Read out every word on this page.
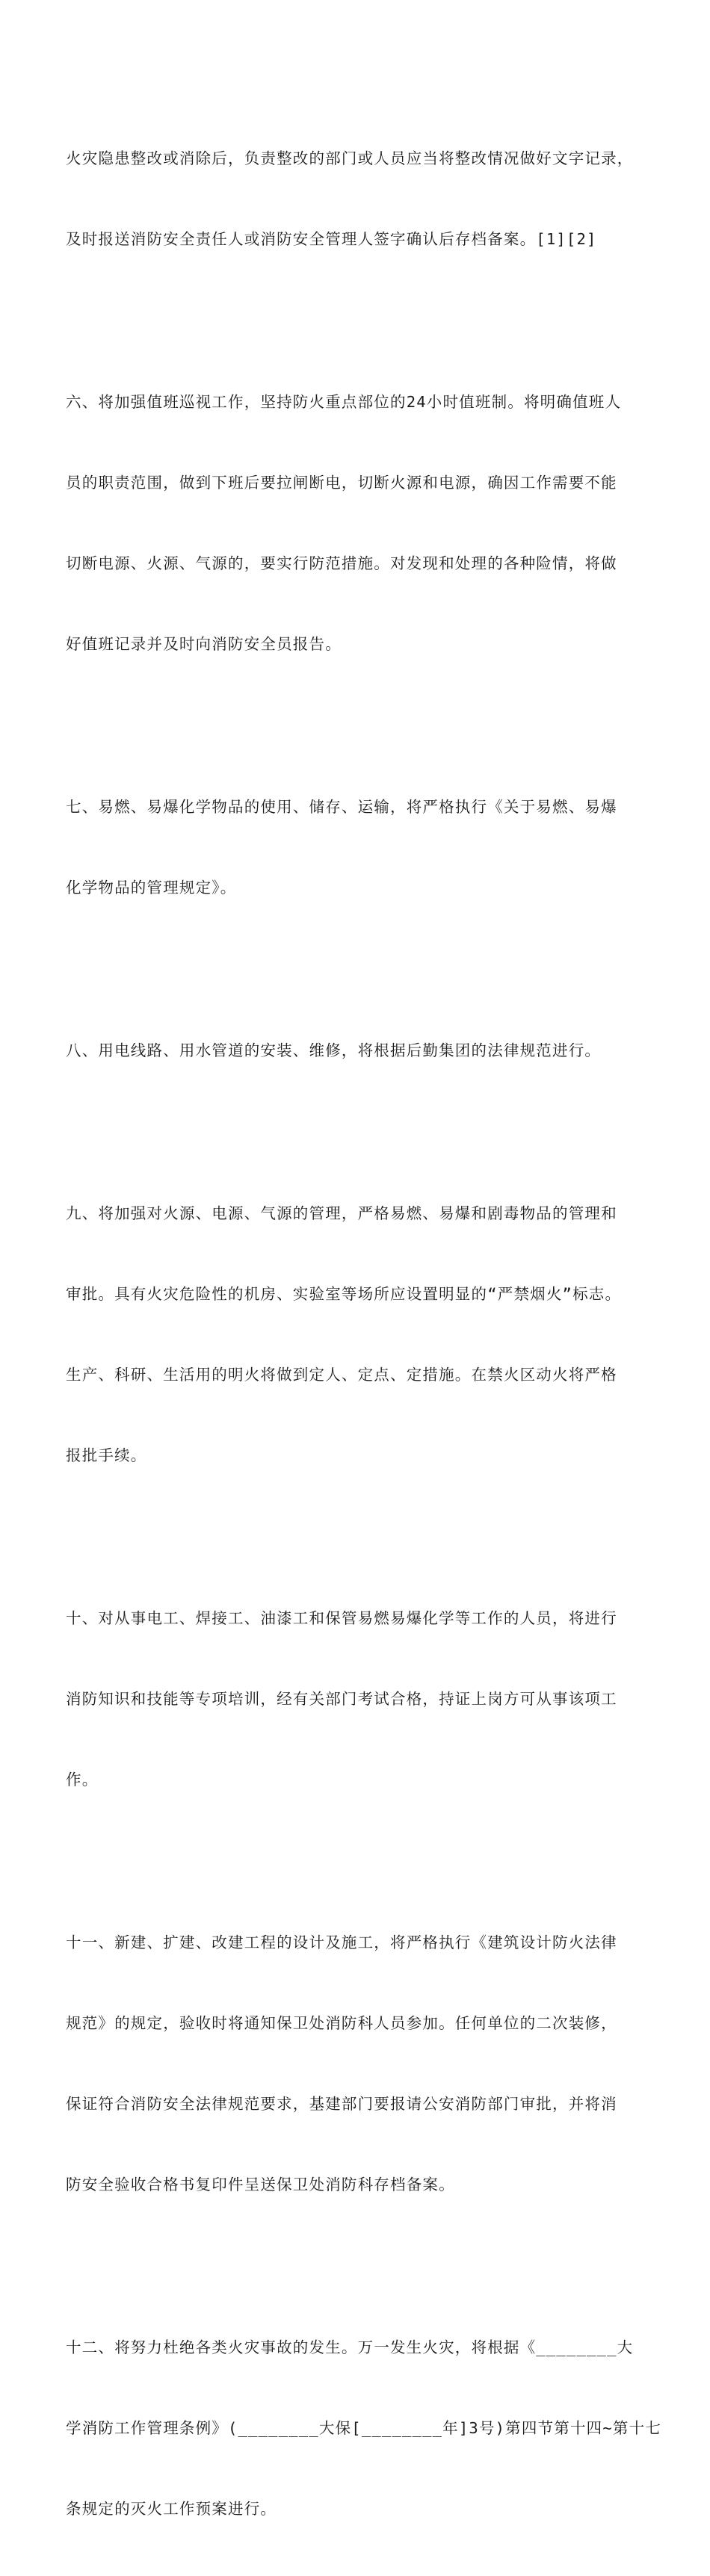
火灾隐患整改或消除后，负责整改的部门或人员应当将整改情况做好文字记录，

及时报送消防安全责任人或消防安全管理人签字确认后存档备案。[1][2]

六、将加强值班巡视工作，坚持防火重点部位的24小时值班制。将明确值班人

员的职责范围，做到下班后要拉闸断电，切断火源和电源，确因工作需要不能

切断电源、火源、气源的，要实行防范措施。对发现和处理的各种险情，将做

好值班记录并及时向消防安全员报告。

七、易燃、易爆化学物品的使用、储存、运输，将严格执行《关于易燃、易爆

化学物品的管理规定》。

八、用电线路、用水管道的安装、维修，将根据后勤集团的法律规范进行。

九、将加强对火源、电源、气源的管理，严格易燃、易爆和剧毒物品的管理和

审批。具有火灾危险性的机房、实验室等场所应设置明显的“严禁烟火”标志。

生产、科研、生活用的明火将做到定人、定点、定措施。在禁火区动火将严格

报批手续。

十、对从事电工、焊接工、油漆工和保管易燃易爆化学等工作的人员，将进行

消防知识和技能等专项培训，经有关部门考试合格，持证上岗方可从事该项工

作。

十一、新建、扩建、改建工程的设计及施工，将严格执行《建筑设计防火法律

规范》的规定，验收时将通知保卫处消防科人员参加。任何单位的二次装修，

保证符合消防安全法律规范要求，基建部门要报请公安消防部门审批，并将消

防安全验收合格书复印件呈送保卫处消防科存档备案。

十二、将努力杜绝各类火灾事故的发生。万一发生火灾，将根据《________大

学消防工作管理条例》(________大保[________年]3号)第四节第十四~第十七

条规定的灭火工作预案进行。
